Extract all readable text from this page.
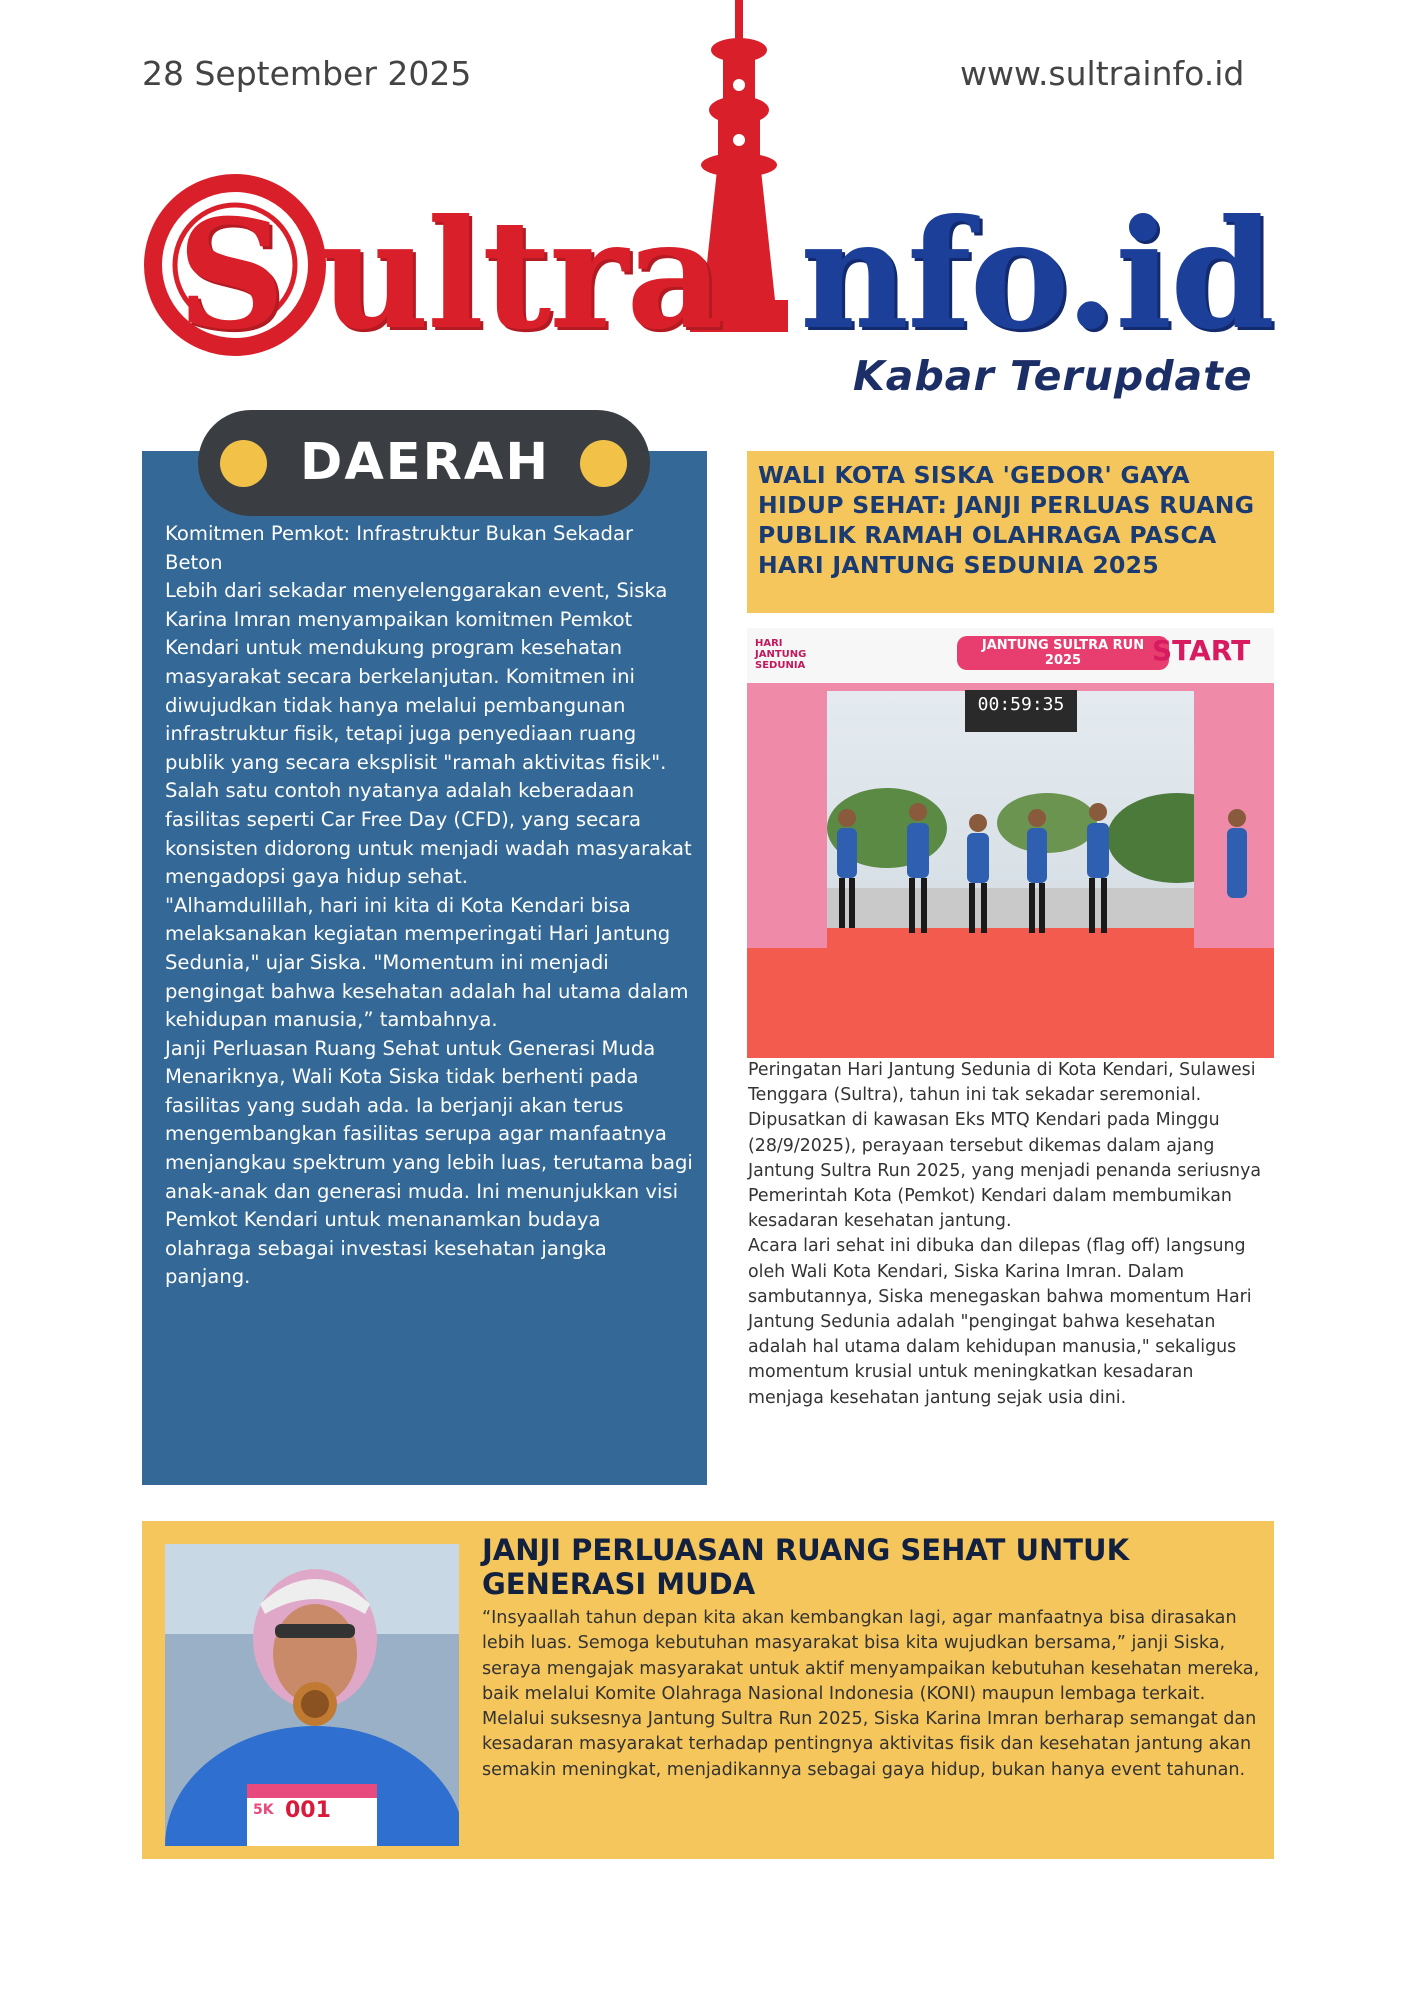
28 September 2025	www.sultrainfo.id
S ultra nfo.id
Kabar Terupdate
DAERAH

Komitmen Pemkot: Infrastruktur Bukan Sekadar Beton

Lebih dari sekadar menyelenggarakan event, Siska Karina Imran menyampaikan komitmen Pemkot Kendari untuk mendukung program kesehatan masyarakat secara berkelanjutan. Komitmen ini diwujudkan tidak hanya melalui pembangunan infrastruktur fisik, tetapi juga penyediaan ruang publik yang secara eksplisit "ramah aktivitas fisik".

Salah satu contoh nyatanya adalah keberadaan fasilitas seperti Car Free Day (CFD), yang secara konsisten didorong untuk menjadi wadah masyarakat mengadopsi gaya hidup sehat.

"Alhamdulillah, hari ini kita di Kota Kendari bisa melaksanakan kegiatan memperingati Hari Jantung Sedunia," ujar Siska. "Momentum ini menjadi pengingat bahwa kesehatan adalah hal utama dalam kehidupan manusia,” tambahnya.

Janji Perluasan Ruang Sehat untuk Generasi Muda

Menariknya, Wali Kota Siska tidak berhenti pada fasilitas yang sudah ada. Ia berjanji akan terus mengembangkan fasilitas serupa agar manfaatnya menjangkau spektrum yang lebih luas, terutama bagi anak-anak dan generasi muda. Ini menunjukkan visi Pemkot Kendari untuk menanamkan budaya olahraga sebagai investasi kesehatan jangka panjang.

WALI KOTA SISKA 'GEDOR' GAYA HIDUP SEHAT: JANJI PERLUAS RUANG PUBLIK RAMAH OLAHRAGA PASCA HARI JANTUNG SEDUNIA 2025
HARI JANTUNG SEDUNIA
JANTUNG SULTRA RUN 2025	START
00:59:35

Peringatan Hari Jantung Sedunia di Kota Kendari, Sulawesi Tenggara (Sultra), tahun ini tak sekadar seremonial. Dipusatkan di kawasan Eks MTQ Kendari pada Minggu (28/9/2025), perayaan tersebut dikemas dalam ajang Jantung Sultra Run 2025, yang menjadi penanda seriusnya Pemerintah Kota (Pemkot) Kendari dalam membumikan kesadaran kesehatan jantung.

Acara lari sehat ini dibuka dan dilepas (flag off) langsung oleh Wali Kota Kendari, Siska Karina Imran. Dalam sambutannya, Siska menegaskan bahwa momentum Hari Jantung Sedunia adalah "pengingat bahwa kesehatan adalah hal utama dalam kehidupan manusia," sekaligus momentum krusial untuk meningkatkan kesadaran menjaga kesehatan jantung sejak usia dini.

5K 001
JANJI PERLUASAN RUANG SEHAT UNTUK GENERASI MUDA

“Insyaallah tahun depan kita akan kembangkan lagi, agar manfaatnya bisa dirasakan lebih luas. Semoga kebutuhan masyarakat bisa kita wujudkan bersama,” janji Siska, seraya mengajak masyarakat untuk aktif menyampaikan kebutuhan kesehatan mereka, baik melalui Komite Olahraga Nasional Indonesia (KONI) maupun lembaga terkait.

Melalui suksesnya Jantung Sultra Run 2025, Siska Karina Imran berharap semangat dan kesadaran masyarakat terhadap pentingnya aktivitas fisik dan kesehatan jantung akan semakin meningkat, menjadikannya sebagai gaya hidup, bukan hanya event tahunan.
